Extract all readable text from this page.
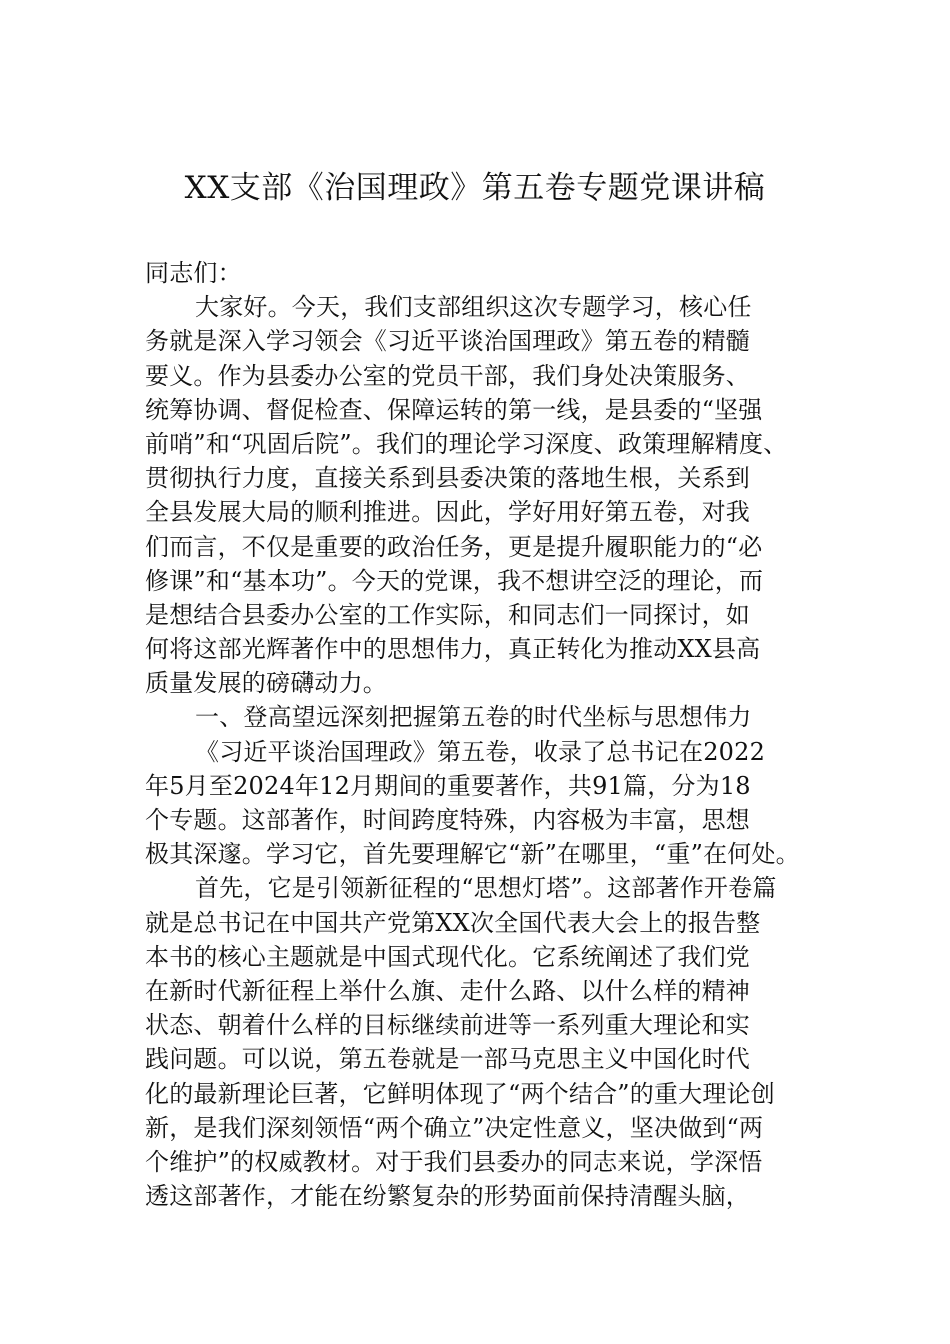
XX支部《治国理政》第五卷专题党课讲稿
同志们：
大家好。今天，我们支部组织这次专题学习，核心任
务就是深入学习领会《习近平谈治国理政》第五卷的精髓
要义。作为县委办公室的党员干部，我们身处决策服务、
统筹协调、督促检查、保障运转的第一线，是县委的“坚强
前哨”和“巩固后院”。我们的理论学习深度、政策理解精度、
贯彻执行力度，直接关系到县委决策的落地生根，关系到
全县发展大局的顺利推进。因此，学好用好第五卷，对我
们而言，不仅是重要的政治任务，更是提升履职能力的“必
修课”和“基本功”。今天的党课，我不想讲空泛的理论，而
是想结合县委办公室的工作实际，和同志们一同探讨，如
何将这部光辉著作中的思想伟力，真正转化为推动XX县高
质量发展的磅礴动力。
一、登高望远深刻把握第五卷的时代坐标与思想伟力
《习近平谈治国理政》第五卷，收录了总书记在2022
年5月至2024年12月期间的重要著作，共91篇，分为18
个专题。这部著作，时间跨度特殊，内容极为丰富，思想
极其深邃。学习它，首先要理解它“新”在哪里，“重”在何处。
首先，它是引领新征程的“思想灯塔”。这部著作开卷篇
就是总书记在中国共产党第XX次全国代表大会上的报告整
本书的核心主题就是中国式现代化。它系统阐述了我们党
在新时代新征程上举什么旗、走什么路、以什么样的精神
状态、朝着什么样的目标继续前进等一系列重大理论和实
践问题。可以说，第五卷就是一部马克思主义中国化时代
化的最新理论巨著，它鲜明体现了“两个结合”的重大理论创
新，是我们深刻领悟“两个确立”决定性意义，坚决做到“两
个维护”的权威教材。对于我们县委办的同志来说，学深悟
透这部著作，才能在纷繁复杂的形势面前保持清醒头脑，
